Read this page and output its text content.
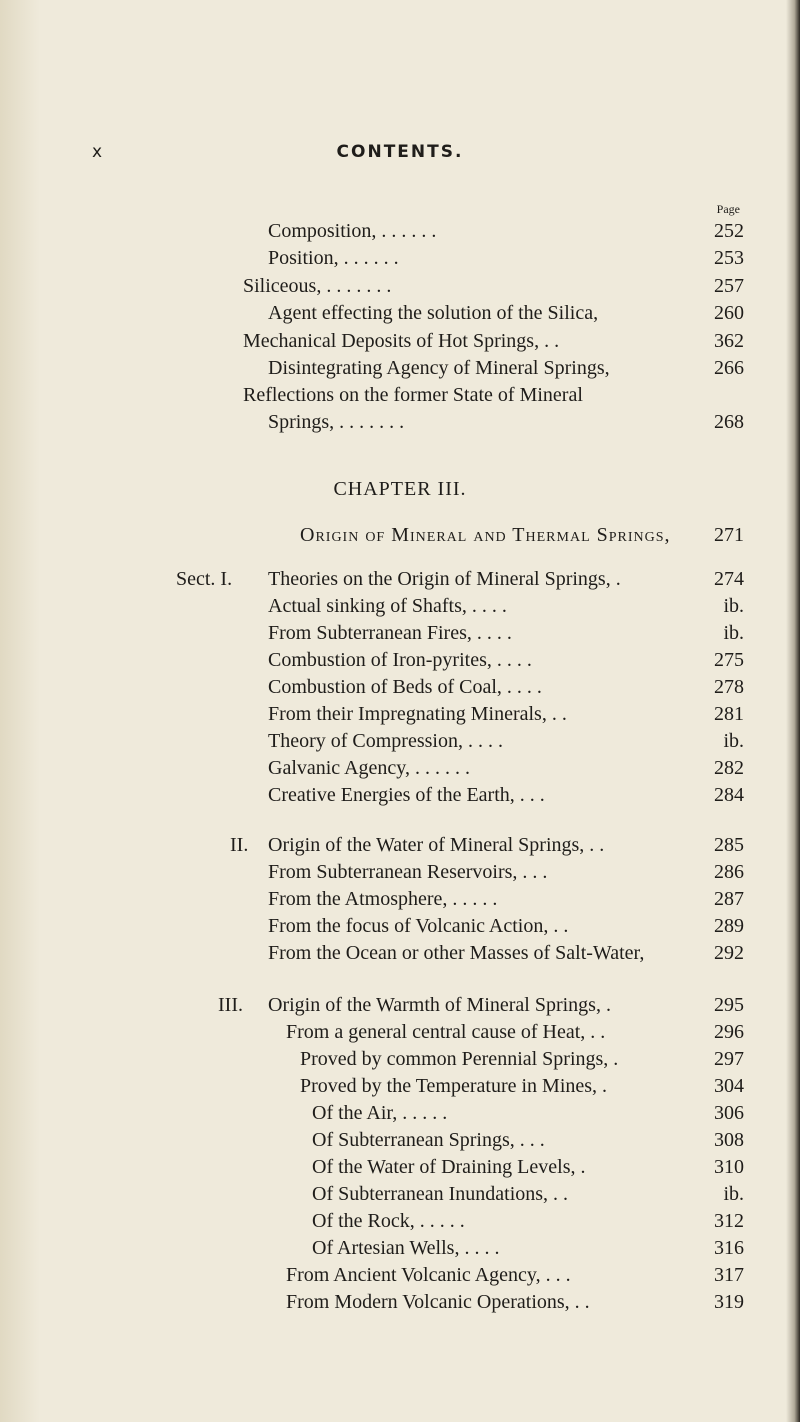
x	CONTENTS.
Page
Composition, . . . . . .	252
Position, . . . . . .	253
Siliceous, . . . . . . .	257
Agent effecting the solution of the Silica,	260
Mechanical Deposits of Hot Springs, . .	362
Disintegrating Agency of Mineral Springs,	266
Reflections on the former State of Mineral
Springs, . . . . . . .	268
CHAPTER III.
Origin of Mineral and Thermal Springs, 271
Sect. I. Theories on the Origin of Mineral Springs, .	274
Actual sinking of Shafts, . . . .	ib.
From Subterranean Fires, . . . .	ib.
Combustion of Iron-pyrites, . . . .	275
Combustion of Beds of Coal, . . . .	278
From their Impregnating Minerals, . .	281
Theory of Compression, . . . .	ib.
Galvanic Agency, . . . . . .	282
Creative Energies of the Earth, . . .	284
II. Origin of the Water of Mineral Springs, . .	285
From Subterranean Reservoirs, . . .	286
From the Atmosphere, . . . . .	287
From the focus of Volcanic Action, . .	289
From the Ocean or other Masses of Salt-Water,	292
III. Origin of the Warmth of Mineral Springs, .	295
From a general central cause of Heat, . .	296
Proved by common Perennial Springs, .	297
Proved by the Temperature in Mines, .	304
Of the Air, . . . . .	306
Of Subterranean Springs, . . .	308
Of the Water of Draining Levels, .	310
Of Subterranean Inundations, . .	ib.
Of the Rock, . . . . .	312
Of Artesian Wells, . . . .	316
From Ancient Volcanic Agency, . . .	317
From Modern Volcanic Operations, . .	319
